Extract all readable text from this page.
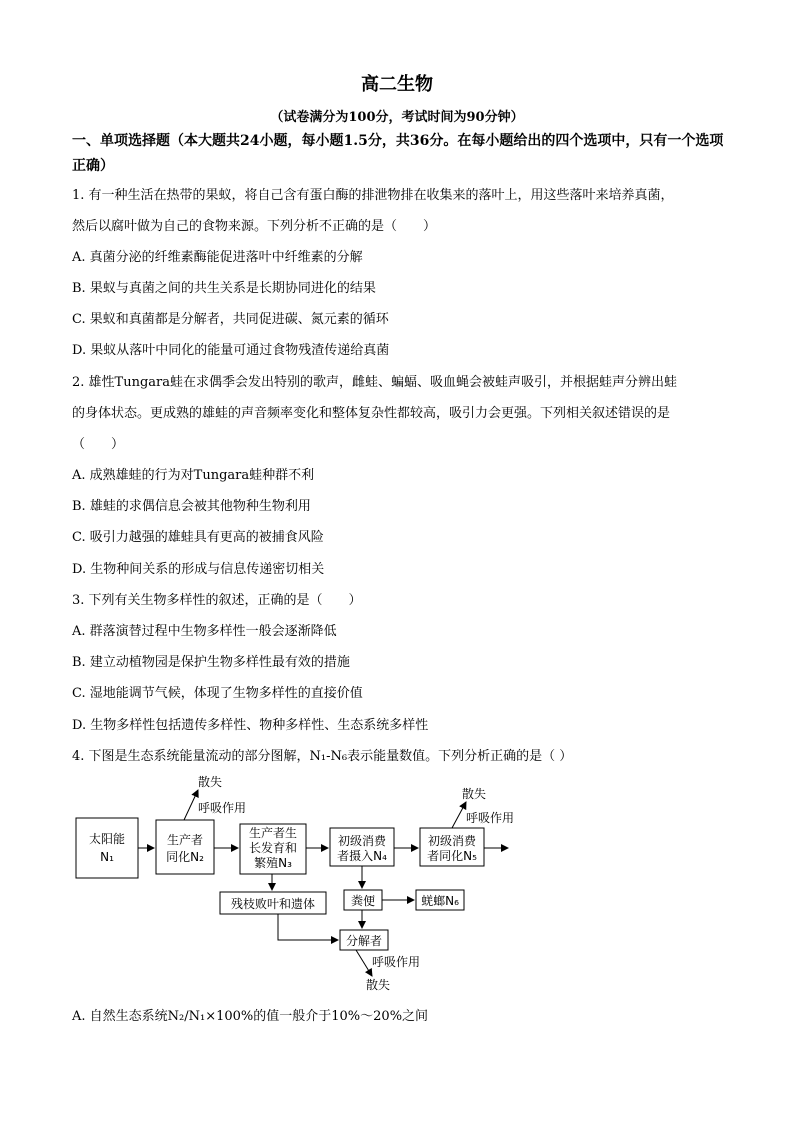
高二生物
（试卷满分为100分，考试时间为90分钟）
一、单项选择题（本大题共24小题，每小题1.5分，共36分。在每小题给出的四个选项中，只有一个选项正确）
1. 有一种生活在热带的果蚁，将自己含有蛋白酶的排泄物排在收集来的落叶上，用这些落叶来培养真菌，
然后以腐叶做为自己的食物来源。下列分析不正确的是（　　）
A. 真菌分泌的纤维素酶能促进落叶中纤维素的分解
B. 果蚁与真菌之间的共生关系是长期协同进化的结果
C. 果蚁和真菌都是分解者，共同促进碳、氮元素的循环
D. 果蚁从落叶中同化的能量可通过食物残渣传递给真菌
2. 雄性Tungara蛙在求偶季会发出特别的歌声，雌蛙、蝙蝠、吸血蝇会被蛙声吸引，并根据蛙声分辨出蛙
的身体状态。更成熟的雄蛙的声音频率变化和整体复杂性都较高，吸引力会更强。下列相关叙述错误的是
（　　）
A. 成熟雄蛙的行为对Tungara蛙种群不利
B. 雄蛙的求偶信息会被其他物种生物利用
C. 吸引力越强的雄蛙具有更高的被捕食风险
D. 生物种间关系的形成与信息传递密切相关
3. 下列有关生物多样性的叙述，正确的是（　　）
A. 群落演替过程中生物多样性一般会逐渐降低
B. 建立动植物园是保护生物多样性最有效的措施
C. 湿地能调节气候，体现了生物多样性的直接价值
D. 生物多样性包括遗传多样性、物种多样性、生态系统多样性
4. 下图是生态系统能量流动的部分图解，N₁-N₆表示能量数值。下列分析正确的是（ ）
太阳能
N₁
生产者
同化N₂
生产者生
长发育和
繁殖N₃
初级消费
者摄入N₄
初级消费
者同化N₅
残枝败叶和遗体	粪便	蜣螂N₆
分解者
散失
呼吸作用
散失
呼吸作用
呼吸作用
散失
A. 自然生态系统N₂/N₁×100%的值一般介于10%～20%之间
